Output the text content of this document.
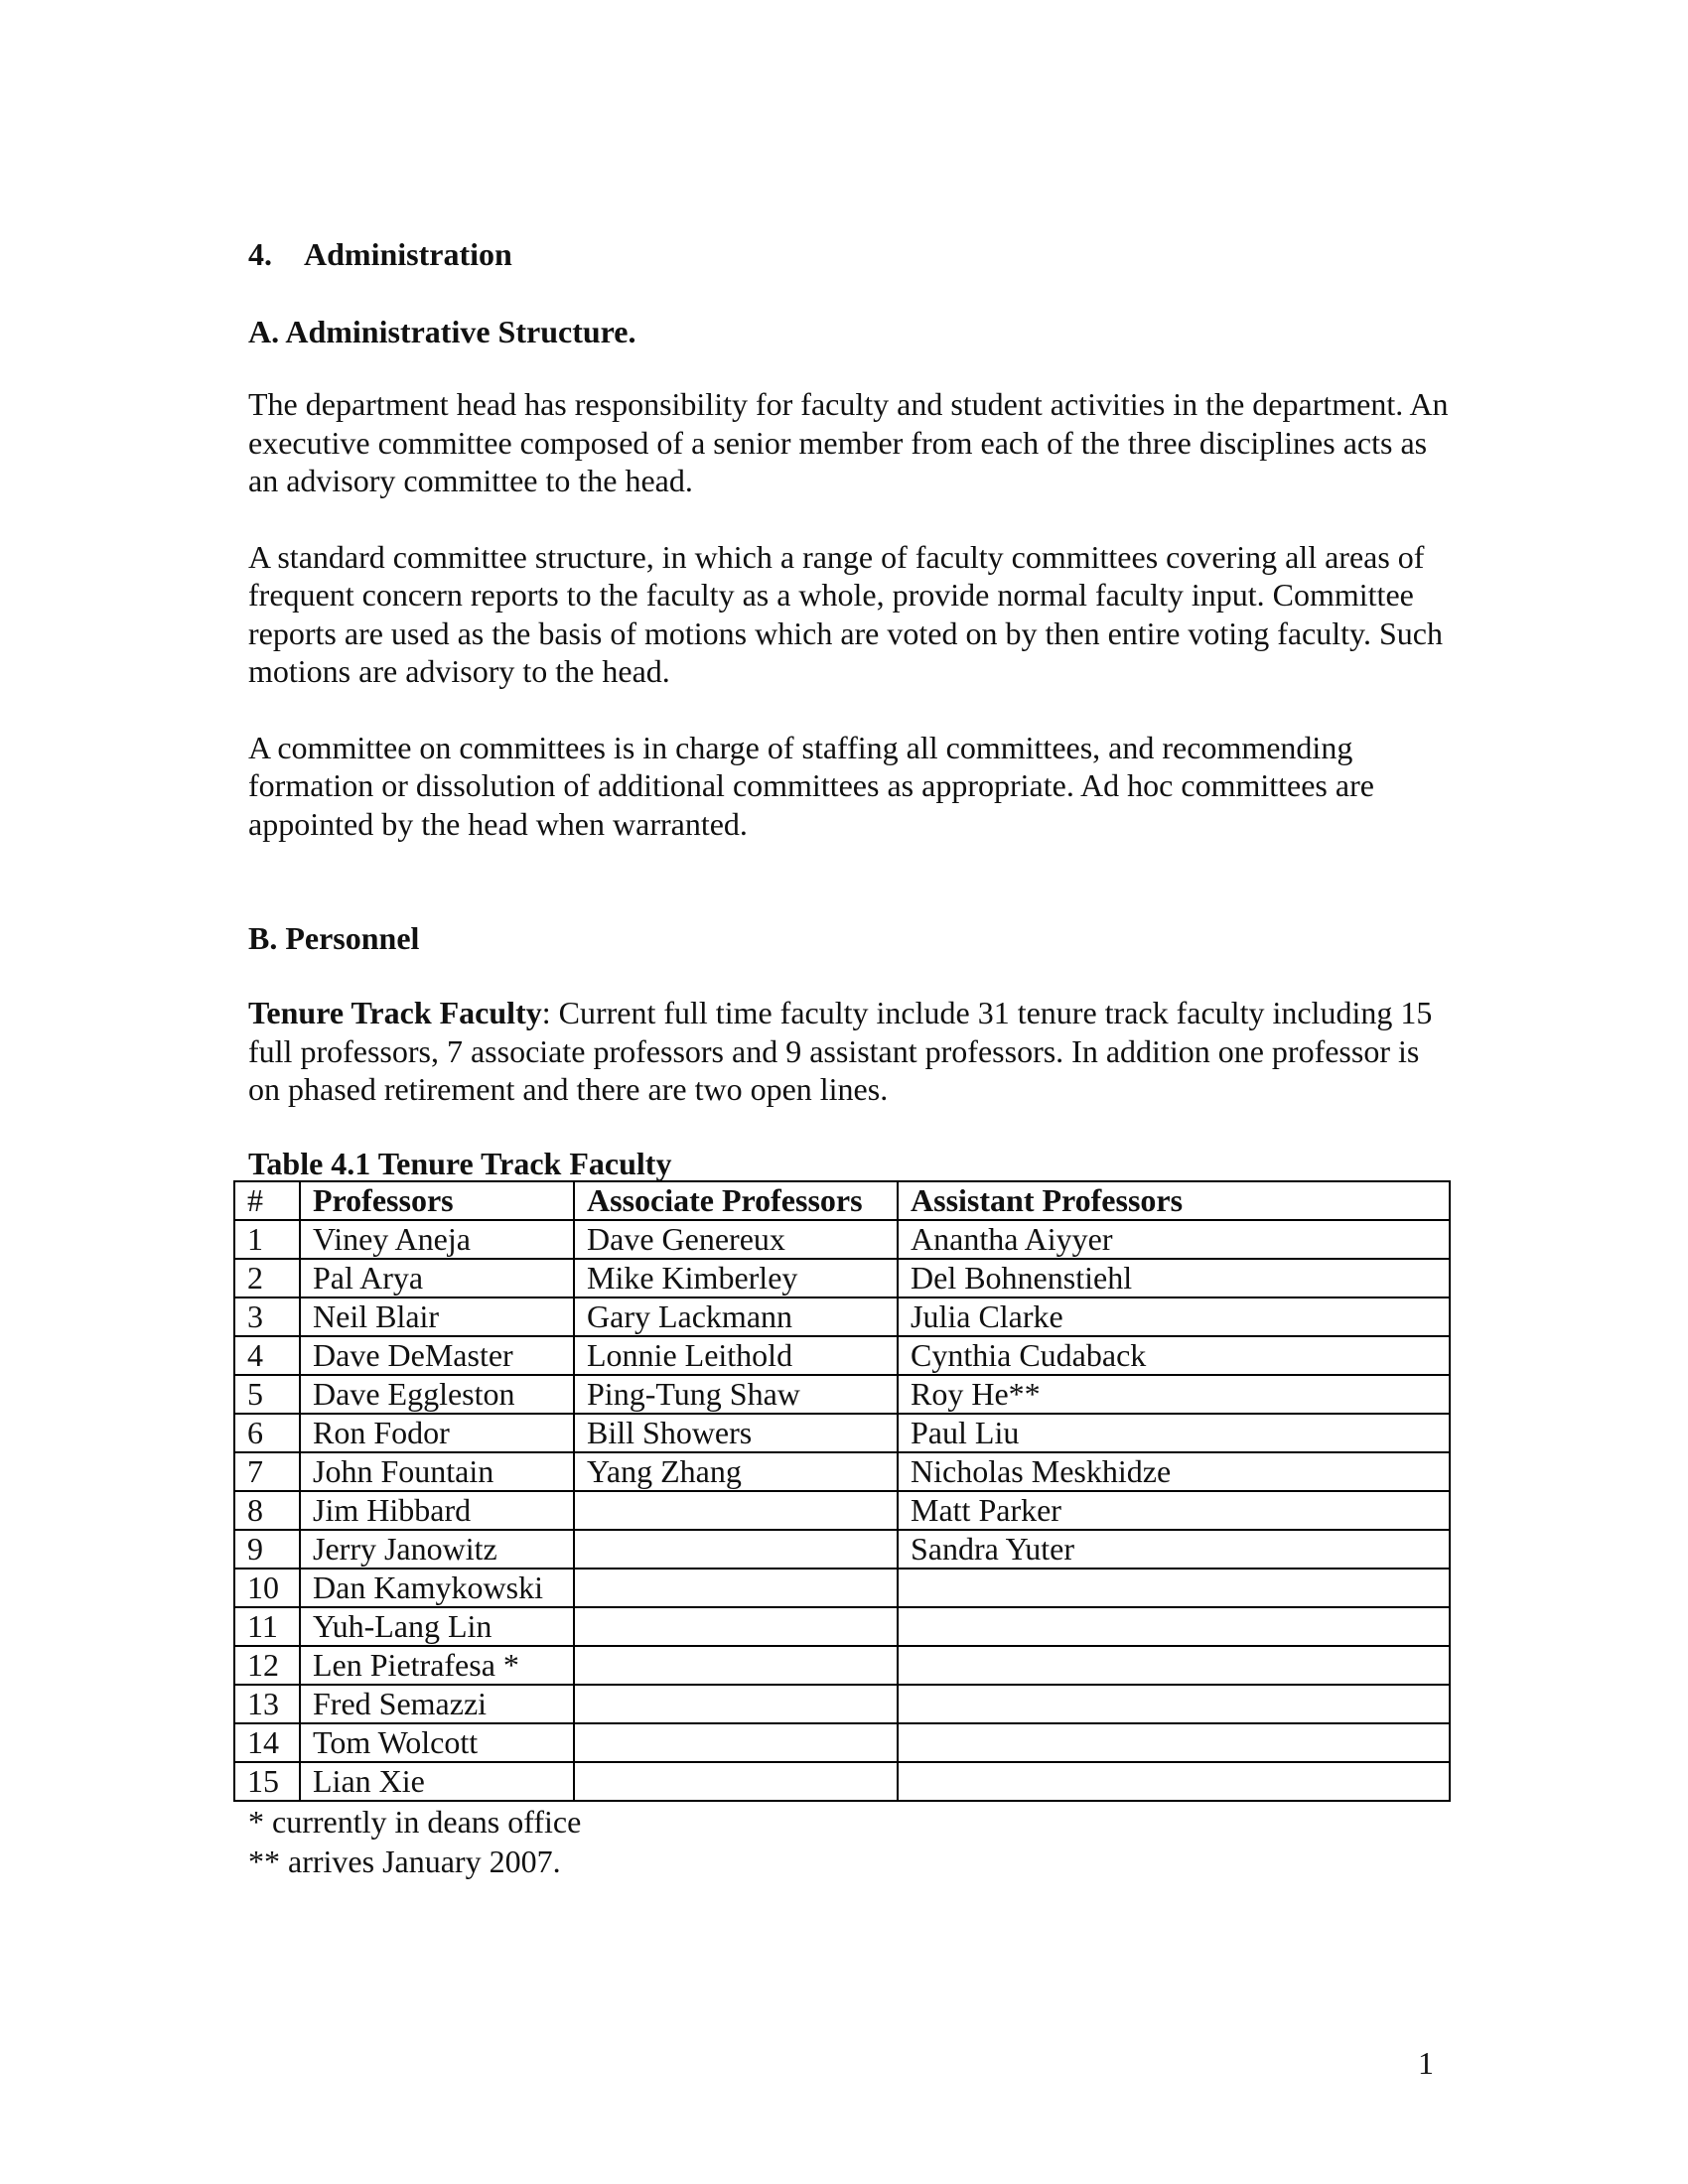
4. Administration

A. Administrative Structure.

The department head has responsibility for faculty and student activities in the department. An executive committee composed of a senior member from each of the three disciplines acts as an advisory committee to the head.

A standard committee structure, in which a range of faculty committees covering all areas of frequent concern reports to the faculty as a whole, provide normal faculty input. Committee reports are used as the basis of motions which are voted on by then entire voting faculty. Such motions are advisory to the head.

A committee on committees is in charge of staffing all committees, and recommending formation or dissolution of additional committees as appropriate. Ad hoc committees are appointed by the head when warranted.

B. Personnel

Tenure Track Faculty: Current full time faculty include 31 tenure track faculty including 15 full professors, 7 associate professors and 9 assistant professors. In addition one professor is on phased retirement and there are two open lines.

Table 4.1 Tenure Track Faculty

#	Professors	Associate Professors	Assistant Professors
1	Viney Aneja	Dave Genereux	Anantha Aiyyer
2	Pal Arya	Mike Kimberley	Del Bohnenstiehl
3	Neil Blair	Gary Lackmann	Julia Clarke
4	Dave DeMaster	Lonnie Leithold	Cynthia Cudaback
5	Dave Eggleston	Ping-Tung Shaw	Roy He**
6	Ron Fodor	Bill Showers	Paul Liu
7	John Fountain	Yang Zhang	Nicholas Meskhidze
8	Jim Hibbard		Matt Parker
9	Jerry Janowitz		Sandra Yuter
10	Dan Kamykowski		
11	Yuh-Lang Lin		
12	Len Pietrafesa *		
13	Fred Semazzi		
14	Tom Wolcott		
15	Lian Xie		

* currently in deans office

** arrives January 2007.

1
